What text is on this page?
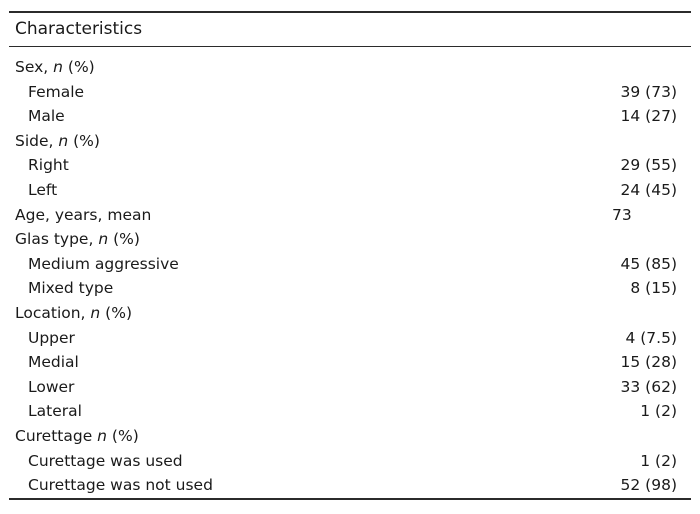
Characteristics
Sex, n (%)
Female	39 (73)
Male	14 (27)
Side, n (%)
Right	29 (55)
Left	24 (45)
Age, years, mean	73
Glas type, n (%)
Medium aggressive	45 (85)
Mixed type	8 (15)
Location, n (%)
Upper	4 (7.5)
Medial	15 (28)
Lower	33 (62)
Lateral	1 (2)
Curettage n (%)
Curettage was used	1 (2)
Curettage was not used	52 (98)
